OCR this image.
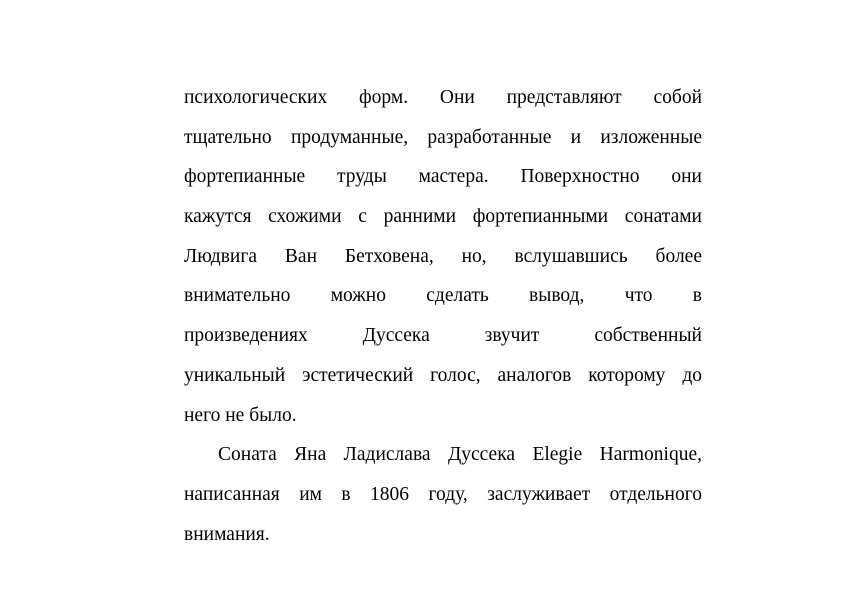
психологических форм. Они представляют собой
тщательно продуманные, разработанные и изложенные
фортепианные труды мастера. Поверхностно они
кажутся схожими с ранними фортепианными сонатами
Людвига Ван Бетховена, но, вслушавшись более
внимательно можно сделать вывод, что в
произведениях Дуссека звучит собственный
уникальный эстетический голос, аналогов которому до
него не было.
Соната Яна Ладислава Дуссека Elegie Harmonique,
написанная им в 1806 году, заслуживает отдельного
внимания.
